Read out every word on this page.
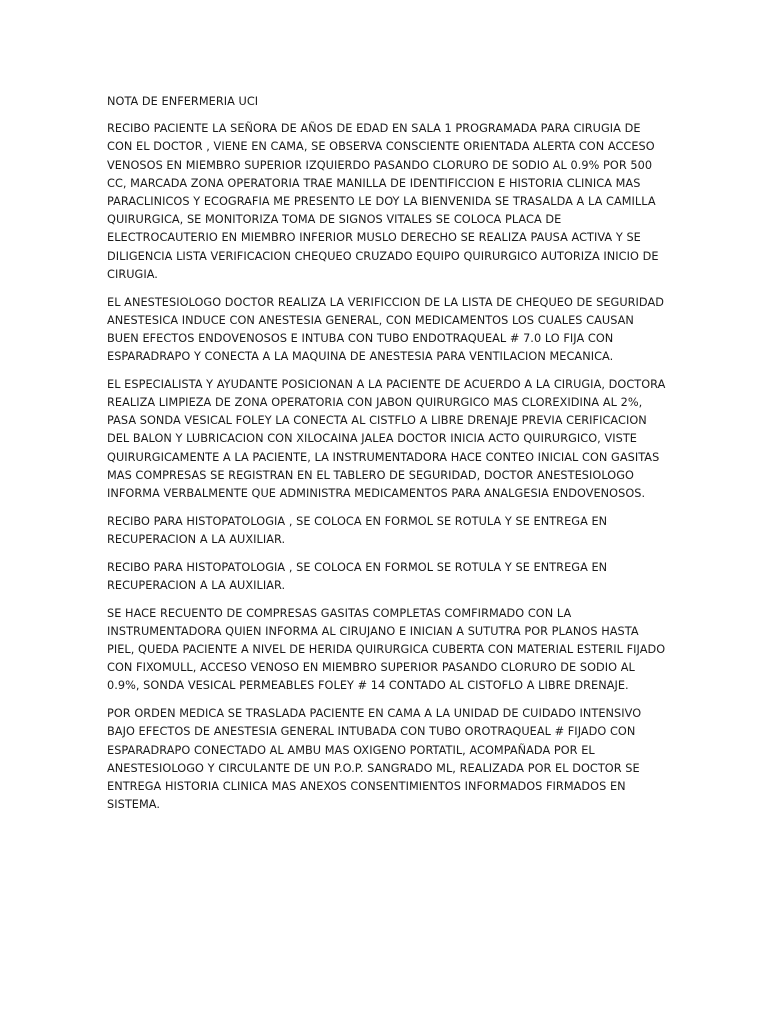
NOTA DE ENFERMERIA UCI

RECIBO PACIENTE LA SEÑORA DE AÑOS DE EDAD EN SALA 1 PROGRAMADA PARA CIRUGIA DE CON EL DOCTOR , VIENE EN CAMA, SE OBSERVA CONSCIENTE ORIENTADA ALERTA CON ACCESO VENOSOS EN MIEMBRO SUPERIOR IZQUIERDO PASANDO CLORURO DE SODIO AL 0.9% POR 500 CC, MARCADA ZONA OPERATORIA TRAE MANILLA DE IDENTIFICCION E HISTORIA CLINICA MAS PARACLINICOS Y ECOGRAFIA ME PRESENTO LE DOY LA BIENVENIDA SE TRASALDA A LA CAMILLA QUIRURGICA, SE MONITORIZA TOMA DE SIGNOS VITALES SE COLOCA PLACA DE ELECTROCAUTERIO EN MIEMBRO INFERIOR MUSLO DERECHO SE REALIZA PAUSA ACTIVA Y SE DILIGENCIA LISTA VERIFICACION CHEQUEO CRUZADO EQUIPO QUIRURGICO AUTORIZA INICIO DE CIRUGIA.

EL ANESTESIOLOGO DOCTOR REALIZA LA VERIFICCION DE LA LISTA DE CHEQUEO DE SEGURIDAD ANESTESICA INDUCE CON ANESTESIA GENERAL, CON MEDICAMENTOS LOS CUALES CAUSAN BUEN EFECTOS ENDOVENOSOS E INTUBA CON TUBO ENDOTRAQUEAL # 7.0 LO FIJA CON ESPARADRAPO Y CONECTA A LA MAQUINA DE ANESTESIA PARA VENTILACION MECANICA.

EL ESPECIALISTA Y AYUDANTE POSICIONAN A LA PACIENTE DE ACUERDO A LA CIRUGIA, DOCTORA REALIZA LIMPIEZA DE ZONA OPERATORIA CON JABON QUIRURGICO MAS CLOREXIDINA AL 2%, PASA SONDA VESICAL FOLEY LA CONECTA AL CISTFLO A LIBRE DRENAJE PREVIA CERIFICACION DEL BALON Y LUBRICACION CON XILOCAINA JALEA DOCTOR INICIA ACTO QUIRURGICO, VISTE QUIRURGICAMENTE A LA PACIENTE, LA INSTRUMENTADORA HACE CONTEO INICIAL CON GASITAS MAS COMPRESAS SE REGISTRAN EN EL TABLERO DE SEGURIDAD, DOCTOR ANESTESIOLOGO INFORMA VERBALMENTE QUE ADMINISTRA MEDICAMENTOS PARA ANALGESIA ENDOVENOSOS.

RECIBO PARA HISTOPATOLOGIA , SE COLOCA EN FORMOL SE ROTULA Y SE ENTREGA EN RECUPERACION A LA AUXILIAR.

RECIBO PARA HISTOPATOLOGIA , SE COLOCA EN FORMOL SE ROTULA Y SE ENTREGA EN RECUPERACION A LA AUXILIAR.

SE HACE RECUENTO DE COMPRESAS GASITAS COMPLETAS COMFIRMADO CON LA INSTRUMENTADORA QUIEN INFORMA AL CIRUJANO E INICIAN A SUTUTRA POR PLANOS HASTA PIEL, QUEDA PACIENTE A NIVEL DE HERIDA QUIRURGICA CUBERTA CON MATERIAL ESTERIL FIJADO CON FIXOMULL, ACCESO VENOSO EN MIEMBRO SUPERIOR PASANDO CLORURO DE SODIO AL 0.9%, SONDA VESICAL PERMEABLES FOLEY # 14 CONTADO AL CISTOFLO A LIBRE DRENAJE.

POR ORDEN MEDICA SE TRASLADA PACIENTE EN CAMA A LA UNIDAD DE CUIDADO INTENSIVO BAJO EFECTOS DE ANESTESIA GENERAL INTUBADA CON TUBO OROTRAQUEAL # FIJADO CON ESPARADRAPO CONECTADO AL AMBU MAS OXIGENO PORTATIL, ACOMPAÑADA POR EL ANESTESIOLOGO Y CIRCULANTE DE UN P.O.P. SANGRADO ML, REALIZADA POR EL DOCTOR SE ENTREGA HISTORIA CLINICA MAS ANEXOS CONSENTIMIENTOS INFORMADOS FIRMADOS EN SISTEMA.
